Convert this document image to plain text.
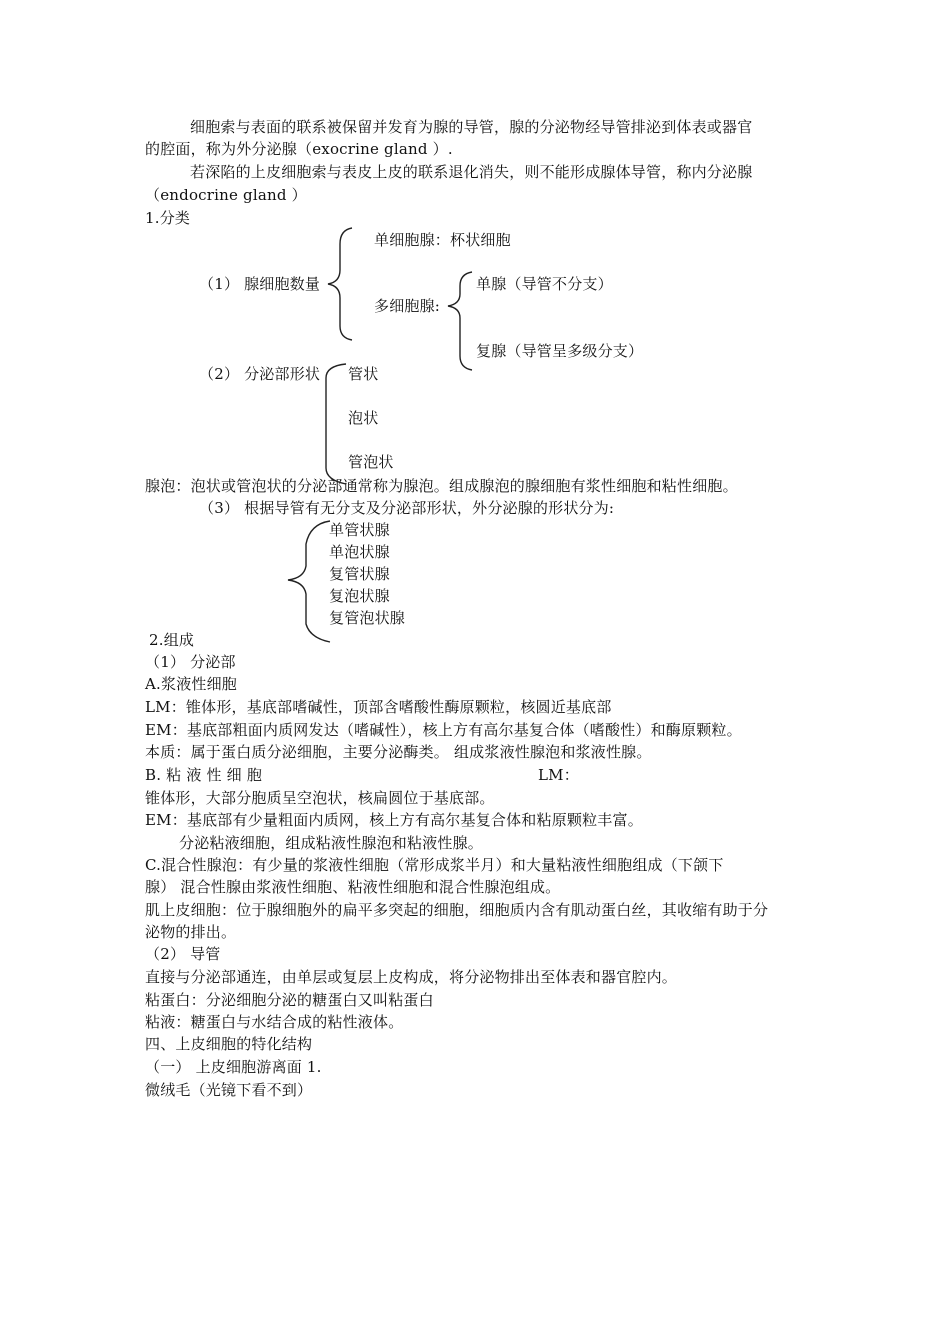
细胞索与表面的联系被保留并发育为腺的导管，腺的分泌物经导管排泌到体表或器官
的腔面，称为外分泌腺（exocrine gland ）.
若深陷的上皮细胞索与表皮上皮的联系退化消失，则不能形成腺体导管，称内分泌腺
（endocrine gland ）
1.分类
单细胞腺：杯状细胞
（1） 腺细胞数量	单腺（导管不分支）
多细胞腺:
复腺（导管呈多级分支）
（2） 分泌部形状 管状
泡状
管泡状
腺泡：泡状或管泡状的分泌部通常称为腺泡。组成腺泡的腺细胞有浆性细胞和粘性细胞。
（3） 根据导管有无分支及分泌部形状，外分泌腺的形状分为:
单管状腺
单泡状腺
复管状腺
复泡状腺
复管泡状腺
2.组成
（1） 分泌部
A.浆液性细胞
LM：锥体形，基底部嗜碱性，顶部含嗜酸性酶原颗粒，核圆近基底部
EM：基底部粗面内质网发达（嗜碱性），核上方有高尔基复合体（嗜酸性）和酶原颗粒。
本质：属于蛋白质分泌细胞，主要分泌酶类。 组成浆液性腺泡和浆液性腺。
B. 粘 液 性 细 胞	LM：
锥体形，大部分胞质呈空泡状，核扁圆位于基底部。
EM：基底部有少量粗面内质网，核上方有高尔基复合体和粘原颗粒丰富。
分泌粘液细胞，组成粘液性腺泡和粘液性腺。
C.混合性腺泡：有少量的浆液性细胞（常形成浆半月）和大量粘液性细胞组成（下颌下
腺） 混合性腺由浆液性细胞、粘液性细胞和混合性腺泡组成。
肌上皮细胞：位于腺细胞外的扁平多突起的细胞，细胞质内含有肌动蛋白丝，其收缩有助于分
泌物的排出。
（2） 导管
直接与分泌部通连，由单层或复层上皮构成，将分泌物排出至体表和器官腔内。
粘蛋白：分泌细胞分泌的糖蛋白又叫粘蛋白
粘液：糖蛋白与水结合成的粘性液体。
四、上皮细胞的特化结构
（一） 上皮细胞游离面 1.
微绒毛（光镜下看不到）
